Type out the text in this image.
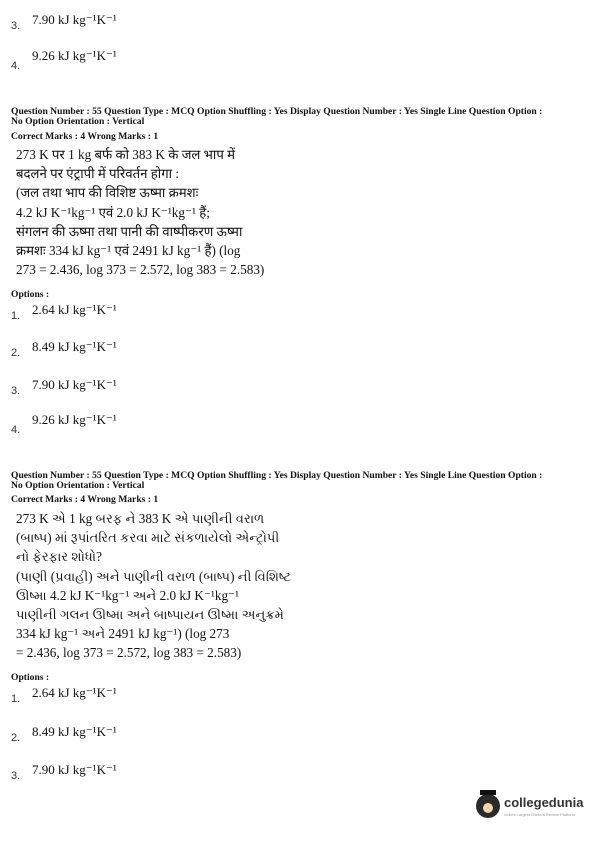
3. 7.90 kJ kg⁻¹K⁻¹
4.
9.26 kJ kg⁻¹K⁻¹
Question Number : 55 Question Type : MCQ Option Shuffling : Yes Display Question Number : Yes Single Line Question Option :
No Option Orientation : Vertical
Correct Marks : 4 Wrong Marks : 1
273 K पर 1 kg बर्फ को 383 K के जल भाप में
बदलने पर एंट्रापी में परिवर्तन होगा :
(जल तथा भाप की विशिष्ट ऊष्मा क्रमशः
4.2 kJ K⁻¹kg⁻¹ एवं 2.0 kJ K⁻¹kg⁻¹ हैं;
संगलन की ऊष्मा तथा पानी की वाष्पीकरण ऊष्मा
क्रमशः 334 kJ kg⁻¹ एवं 2491 kJ kg⁻¹ हैं) (log
273 = 2.436, log 373 = 2.572, log 383 = 2.583)
Options :
1. 2.64 kJ kg⁻¹K⁻¹
2. 8.49 kJ kg⁻¹K⁻¹
3. 7.90 kJ kg⁻¹K⁻¹
4.
9.26 kJ kg⁻¹K⁻¹
Question Number : 55 Question Type : MCQ Option Shuffling : Yes Display Question Number : Yes Single Line Question Option :
No Option Orientation : Vertical
Correct Marks : 4 Wrong Marks : 1
273 K એ 1 kg બરફ ને 383 K એ પાણીની વરાળ
(બાષ્પ) માં રૂપાંતરિત કરવા માટે સંકળાયેલો એન્ટ્રોપી
નો ફેરફાર શોધો?
(પાણી (પ્રવાહી) અને પાણીની વરાળ (બાષ્પ) ની વિશિષ્ટ
ઊષ્મા 4.2 kJ K⁻¹kg⁻¹ અને 2.0 kJ K⁻¹kg⁻¹
પાણીની ગલન ઊષ્મા અને બાષ્પાયન ઊષ્મા અનુક્રમે
334 kJ kg⁻¹ અને 2491 kJ kg⁻¹) (log 273
= 2.436, log 373 = 2.572, log 383 = 2.583)
Options :
1. 2.64 kJ kg⁻¹K⁻¹
2. 8.49 kJ kg⁻¹K⁻¹
3. 7.90 kJ kg⁻¹K⁻¹
collegedunia
India's Largest Student Review Platform
